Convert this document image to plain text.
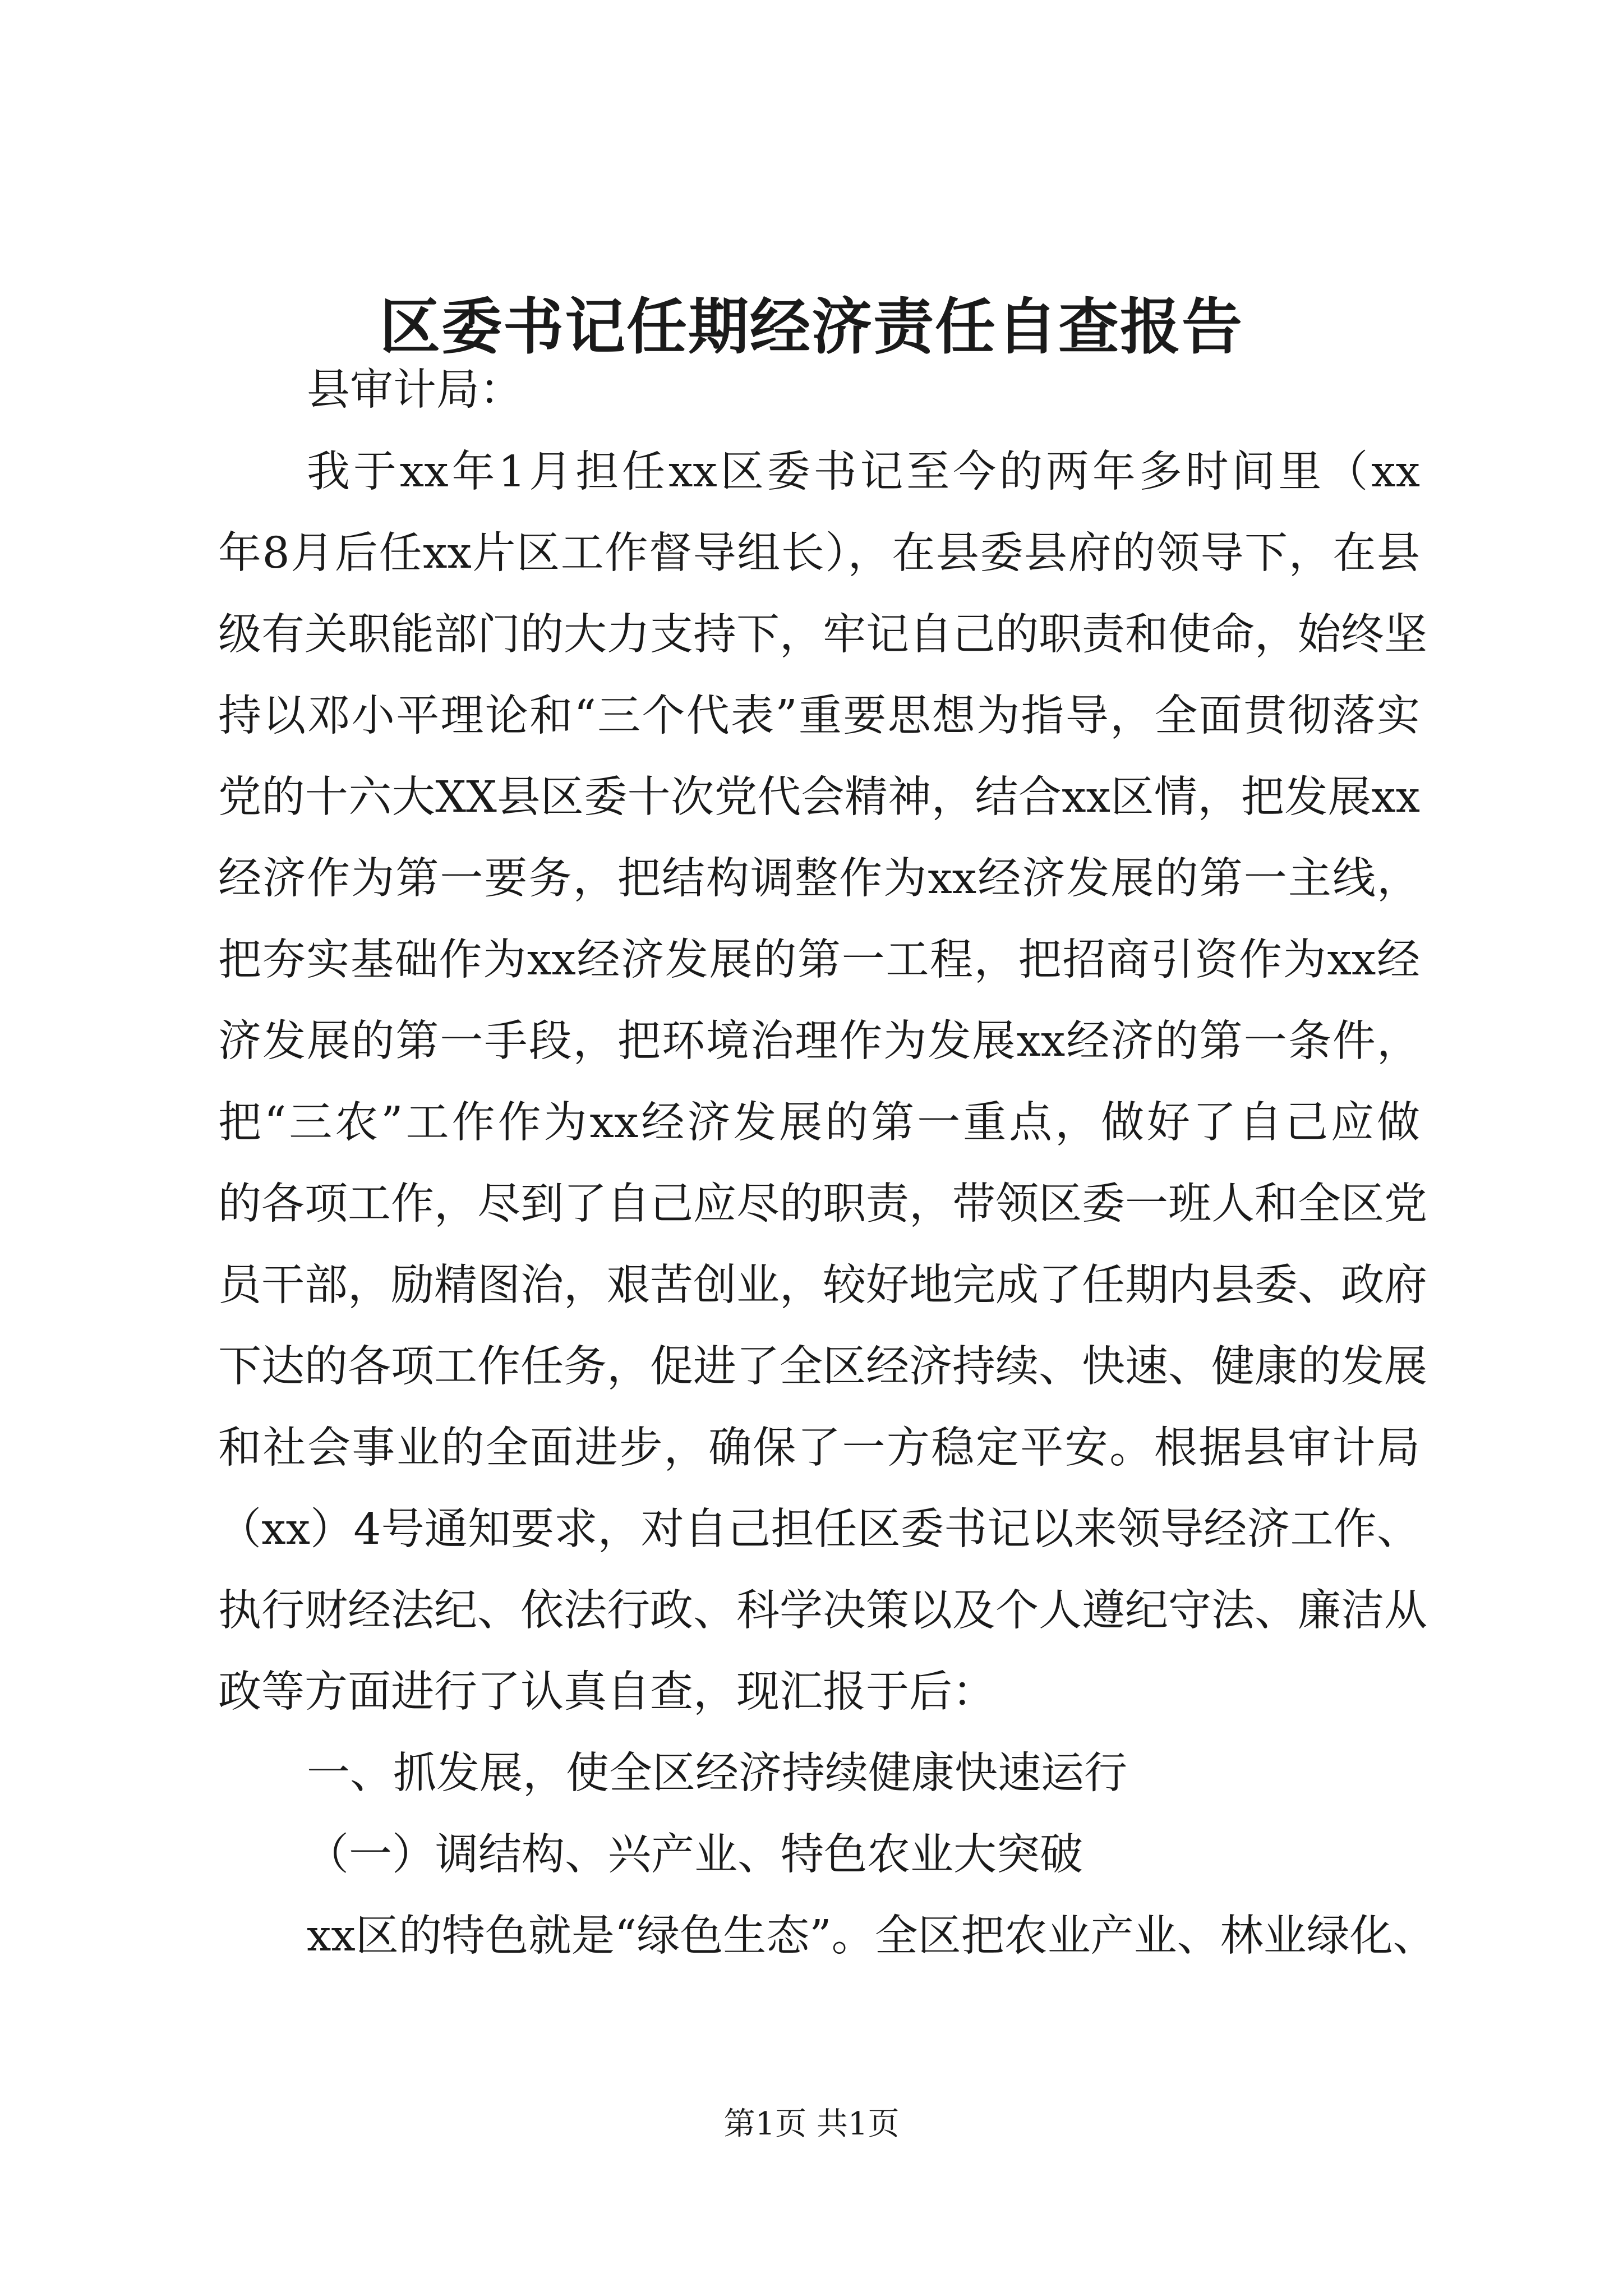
区委书记任期经济责任自查报告
县审计局：
我于xx年1月担任xx区委书记至今的两年多时间里（xx
年8月后任xx片区工作督导组长），在县委县府的领导下，在县
级有关职能部门的大力支持下，牢记自己的职责和使命，始终坚
持以邓小平理论和“三个代表”重要思想为指导，全面贯彻落实
党的十六大XX县区委十次党代会精神，结合xx区情，把发展xx
经济作为第一要务，把结构调整作为xx经济发展的第一主线，
把夯实基础作为xx经济发展的第一工程，把招商引资作为xx经
济发展的第一手段，把环境治理作为发展xx经济的第一条件，
把“三农”工作作为xx经济发展的第一重点，做好了自己应做
的各项工作，尽到了自己应尽的职责，带领区委一班人和全区党
员干部，励精图治，艰苦创业，较好地完成了任期内县委、政府
下达的各项工作任务，促进了全区经济持续、快速、健康的发展
和社会事业的全面进步，确保了一方稳定平安。根据县审计局
（xx）4号通知要求，对自己担任区委书记以来领导经济工作、
执行财经法纪、依法行政、科学决策以及个人遵纪守法、廉洁从
政等方面进行了认真自查，现汇报于后：
一、抓发展，使全区经济持续健康快速运行
（一）调结构、兴产业、特色农业大突破
xx区的特色就是“绿色生态”。全区把农业产业、林业绿化、
第1页 共1页
